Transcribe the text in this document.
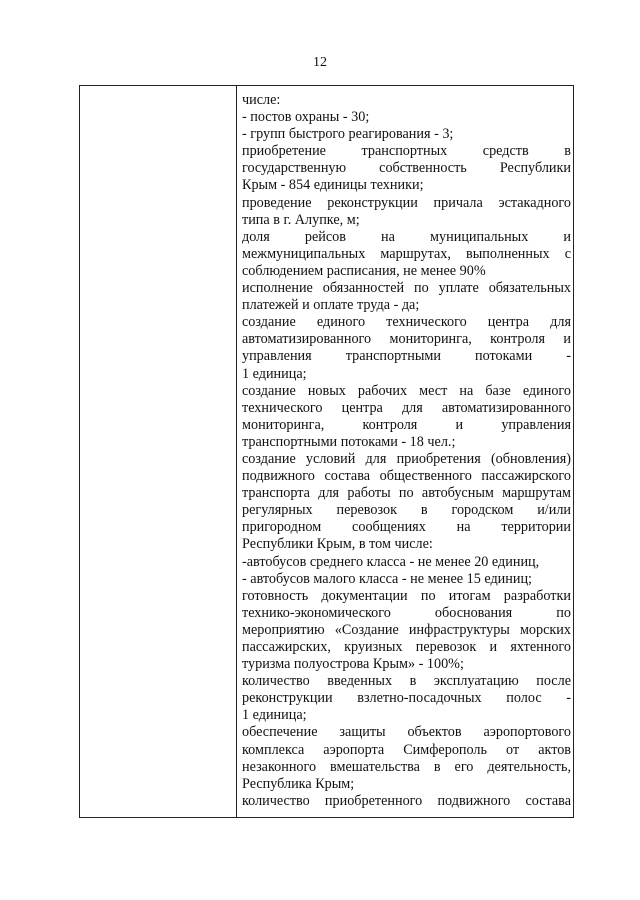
12
числе:
- постов охраны - 30;
- групп быстрого реагирования - 3;
приобретение транспортных средств в
государственную собственность Республики
Крым - 854 единицы техники;
проведение реконструкции причала эстакадного
типа в г. Алупке, м;
доля рейсов на муниципальных и
межмуниципальных маршрутах, выполненных с
соблюдением расписания, не менее 90%
исполнение обязанностей по уплате обязательных
платежей и оплате труда - да;
создание единого технического центра для
автоматизированного мониторинга, контроля и
управления транспортными потоками -
1 единица;
создание новых рабочих мест на базе единого
технического центра для автоматизированного
мониторинга, контроля и управления
транспортными потоками - 18 чел.;
создание условий для приобретения (обновления)
подвижного состава общественного пассажирского
транспорта для работы по автобусным маршрутам
регулярных перевозок в городском и/или
пригородном сообщениях на территории
Республики Крым, в том числе:
-автобусов среднего класса - не менее 20 единиц,
- автобусов малого класса - не менее 15 единиц;
готовность документации по итогам разработки
технико-экономического обоснования по
мероприятию «Создание инфраструктуры морских
пассажирских, круизных перевозок и яхтенного
туризма полуострова Крым» - 100%;
количество введенных в эксплуатацию после
реконструкции взлетно-посадочных полос -
1 единица;
обеспечение защиты объектов аэропортового
комплекса аэропорта Симферополь от актов
незаконного вмешательства в его деятельность,
Республика Крым;
количество приобретенного подвижного состава
